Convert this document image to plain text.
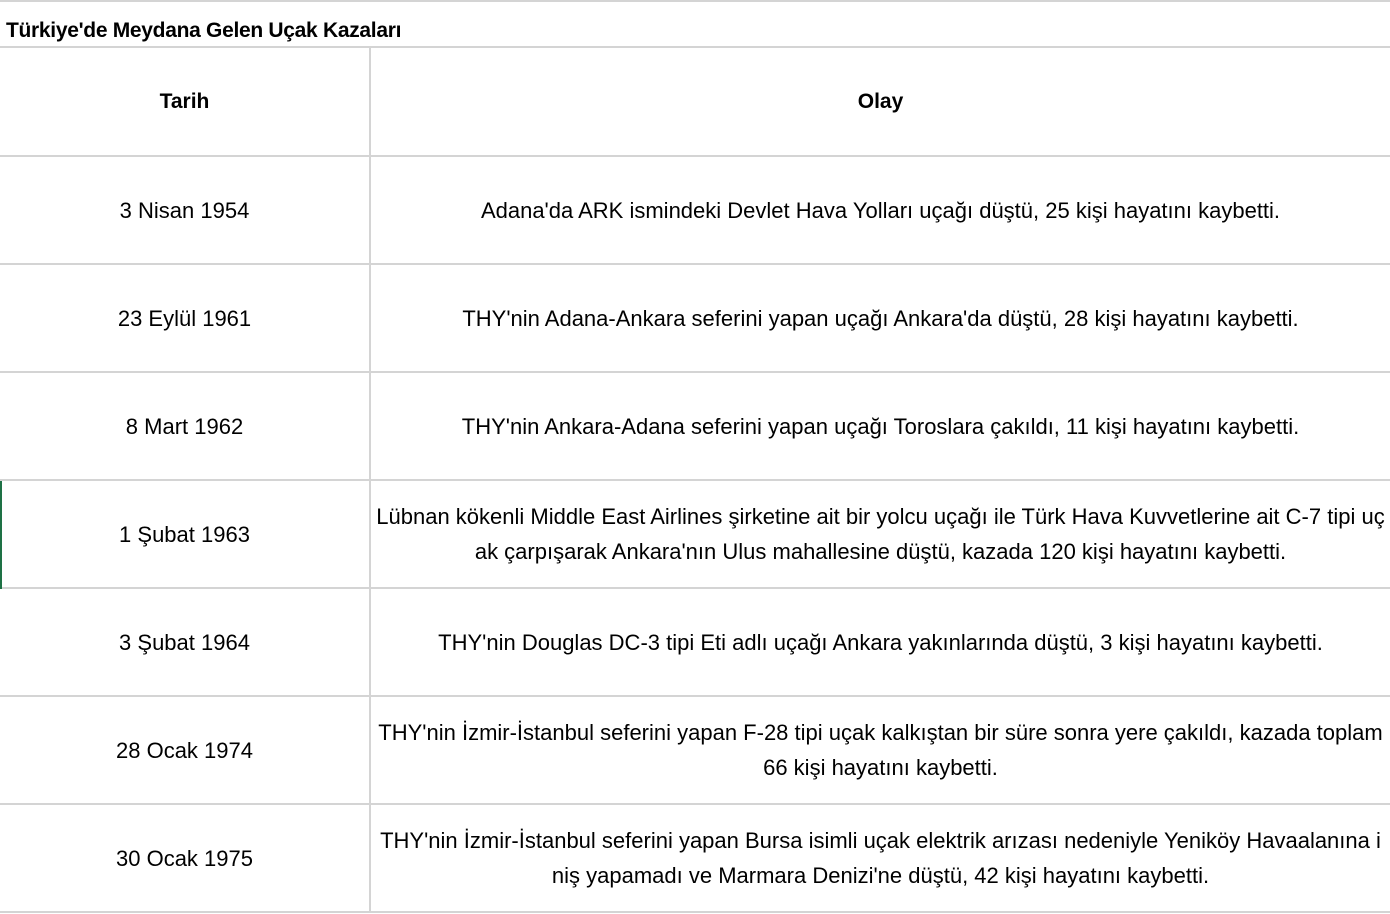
Türkiye'de Meydana Gelen Uçak Kazaları
Tarih	Olay
3 Nisan 1954	Adana'da ARK ismindeki Devlet Hava Yolları uçağı düştü, 25 kişi hayatını kaybetti.
23 Eylül 1961	THY'nin Adana-Ankara seferini yapan uçağı Ankara'da düştü, 28 kişi hayatını kaybetti.
8 Mart 1962	THY'nin Ankara-Adana seferini yapan uçağı Toroslara çakıldı, 11 kişi hayatını kaybetti.
1 Şubat 1963	Lübnan kökenli Middle East Airlines şirketine ait bir yolcu uçağı ile Türk Hava Kuvvetlerine ait C-7 tipi uçak çarpışarak Ankara'nın Ulus mahallesine düştü, kazada 120 kişi hayatını kaybetti.
3 Şubat 1964	THY'nin Douglas DC-3 tipi Eti adlı uçağı Ankara yakınlarında düştü, 3 kişi hayatını kaybetti.
28 Ocak 1974	THY'nin İzmir-İstanbul seferini yapan F-28 tipi uçak kalkıştan bir süre sonra yere çakıldı, kazada toplam 66 kişi hayatını kaybetti.
30 Ocak 1975	THY'nin İzmir-İstanbul seferini yapan Bursa isimli uçak elektrik arızası nedeniyle Yeniköy Havaalanına iniş yapamadı ve Marmara Denizi'ne düştü, 42 kişi hayatını kaybetti.
